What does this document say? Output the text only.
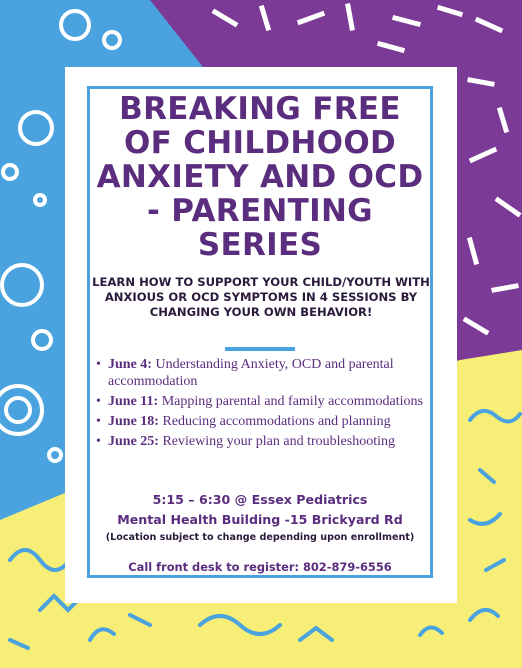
BREAKING FREE OF CHILDHOOD ANXIETY AND OCD - PARENTING SERIES

LEARN HOW TO SUPPORT YOUR CHILD/YOUTH WITH ANXIOUS OR OCD SYMPTOMS IN 4 SESSIONS BY CHANGING YOUR OWN BEHAVIOR!

• June 4: Understanding Anxiety, OCD and parental accommodation
• June 11: Mapping parental and family accommodations
• June 18: Reducing accommodations and planning
• June 25: Reviewing your plan and troubleshooting

5:15 – 6:30 @ Essex Pediatrics

Mental Health Building -15 Brickyard Rd

(Location subject to change depending upon enrollment)

Call front desk to register: 802-879-6556
